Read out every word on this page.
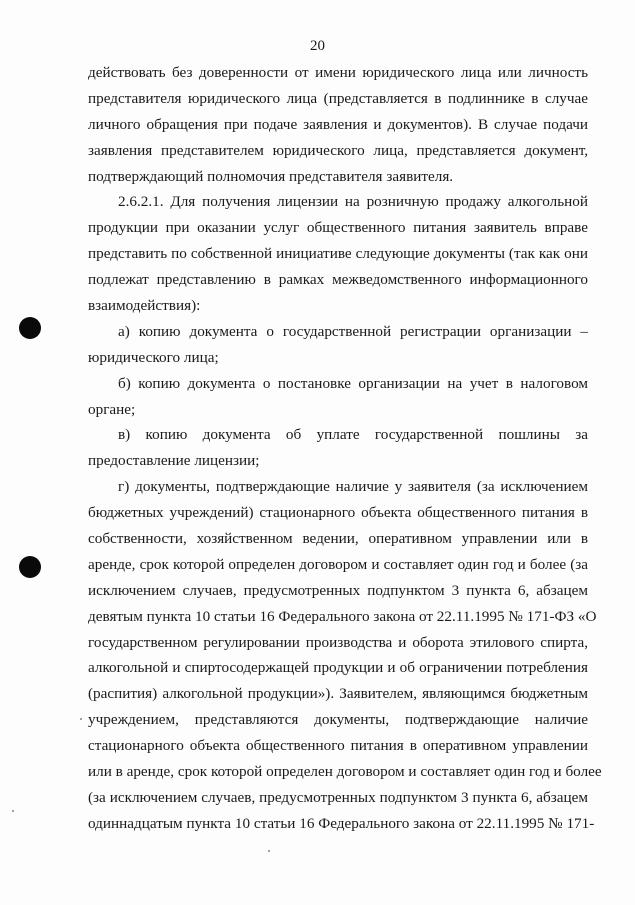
20
действовать без доверенности от имени юридического лица или личность
представителя юридического лица (представляется в подлиннике в случае
личного обращения при подаче заявления и документов). В случае подачи
заявления представителем юридического лица, представляется документ,
подтверждающий полномочия представителя заявителя.
2.6.2.1. Для получения лицензии на розничную продажу алкогольной
продукции при оказании услуг общественного питания заявитель вправе
представить по собственной инициативе следующие документы (так как они
подлежат представлению в рамках межведомственного информационного
взаимодействия):
а) копию документа о государственной регистрации организации –
юридического лица;
б) копию документа о постановке организации на учет в налоговом
органе;
в) копию документа об уплате государственной пошлины за
предоставление лицензии;
г) документы, подтверждающие наличие у заявителя (за исключением
бюджетных учреждений) стационарного объекта общественного питания в
собственности, хозяйственном ведении, оперативном управлении или в
аренде, срок которой определен договором и составляет один год и более (за
исключением случаев, предусмотренных подпунктом 3 пункта 6, абзацем
девятым пункта 10 статьи 16 Федерального закона от 22.11.1995 № 171-ФЗ «О
государственном регулировании производства и оборота этилового спирта,
алкогольной и спиртосодержащей продукции и об ограничении потребления
(распития) алкогольной продукции»). Заявителем, являющимся бюджетным
учреждением, представляются документы, подтверждающие наличие
стационарного объекта общественного питания в оперативном управлении
или в аренде, срок которой определен договором и составляет один год и более
(за исключением случаев, предусмотренных подпунктом 3 пункта 6, абзацем
одиннадцатым пункта 10 статьи 16 Федерального закона от 22.11.1995 № 171-
